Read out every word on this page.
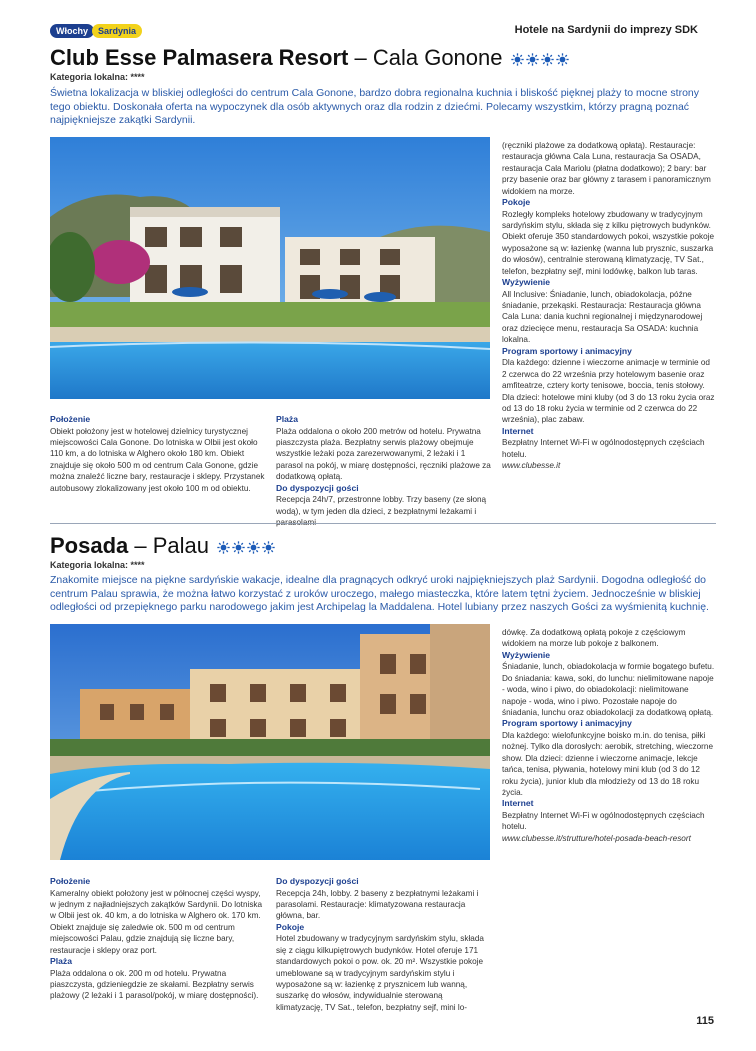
Włochy	Sardynia	Hotele na Sardynii do imprezy SDK
Club Esse Palmasera Resort – Cala Gonone
Kategoria lokalna: ****
Świetna lokalizacja w bliskiej odległości do centrum Cala Gonone, bardzo dobra regionalna kuchnia i bliskość pięknej plaży to mocne strony tego obiektu. Doskonała oferta na wypoczynek dla osób aktywnych oraz dla rodzin z dziećmi. Polecamy wszystkim, którzy pragną poznać najpiękniejsze zakątki Sardynii.
Położenie

Obiekt położony jest w hotelowej dzielnicy turystycznej miejscowości Cala Gonone. Do lotniska w Olbii jest około 110 km, a do lotniska w Alghero około 180 km. Obiekt znajduje się około 500 m od centrum Cala Gonone, gdzie można znaleźć liczne bary, restauracje i sklepy. Przystanek autobusowy zlokalizowany jest około 100 m od obiektu.

Plaża

Plaża oddalona o około 200 metrów od hotelu. Prywatna piaszczysta plaża. Bezpłatny serwis plażowy obejmuje wszystkie leżaki poza zarezerwowanymi, 2 leżaki i 1 parasol na pokój, w miarę dostępności, ręczniki plażowe za dodatkową opłatą.

Do dyspozycji gości

Recepcja 24h/7, przestronne lobby. Trzy baseny (ze słoną wodą), w tym jeden dla dzieci, z bezpłatnymi leżakami i

(ręczniki plażowe za dodatkową opłatą). Restauracje: restauracja główna Cala Luna, restauracja Sa OSADA, restauracja Cala Mariolu (płatna dodatkowo); 2 bary: bar przy basenie oraz bar główny z tarasem i panoramicznym widokiem na morze.

Pokoje

Rozległy kompleks hotelowy zbudowany w tradycyjnym sardyńskim stylu, składa się z kilku piętrowych budynków. Obiekt oferuje 350 standardowych pokoi, wszystkie pokoje wyposażone są w: łazienkę (wanna lub prysznic, suszarka do włosów), centralnie sterowaną klimatyzację, TV Sat., telefon, bezpłatny sejf, mini lodówkę, balkon lub taras.

Wyżywienie

All Inclusive: Śniadanie, lunch, obiadokolacja, późne śniadanie, przekąski. Restauracja: Restauracja główna Cala Luna: dania kuchni regionalnej i międzynarodowej oraz dziecięce menu, restauracja Sa OSADA: kuchnia lokalna.

Program sportowy i animacyjny

Dla każdego: dzienne i wieczorne animacje w terminie od 2 czerwca do 22 września przy hotelowym basenie oraz amfiteatrze, cztery korty tenisowe, boccia, tenis stołowy. Dla dzieci: hotelowe mini kluby (od 3 do 13 roku życia oraz od 13 do 18 roku życia w terminie od 2 czerwca do 22 września), plac zabaw.

Internet

Bezpłatny Internet Wi-Fi w ogólnodostępnych częściach hotelu.

www.clubesse.it

Posada – Palau
Kategoria lokalna: ****
Znakomite miejsce na piękne sardyńskie wakacje, idealne dla pragnących odkryć uroki najpiękniejszych plaż Sardynii. Dogodna odległość do centrum Palau sprawia, że można łatwo korzystać z uroków uroczego, małego miasteczka, które latem tętni życiem. Jednocześnie w bliskiej odległości od przepięknego parku narodowego jakim jest Archipelag la Maddalena. Hotel lubiany przez naszych Gości za wyśmienitą kuchnię.
Położenie

Kameralny obiekt położony jest w północnej części wyspy, w jednym z najładniejszych zakątków Sardynii. Do lotniska w Olbii jest ok. 40 km, a do lotniska w Alghero ok. 170 km. Obiekt znajduje się zaledwie ok. 500 m od centrum miejscowości Palau, gdzie znajdują się liczne bary, restauracje i sklepy oraz port.

Plaża

Plaża oddalona o ok. 200 m od hotelu. Prywatna piaszczysta, gdzieniegdzie ze skałami. Bezpłatny serwis plażowy (2 leżaki i 1 parasol/pokój, w miarę dostępności).

Do dyspozycji gości

Recepcja 24h, lobby. 2 baseny z bezpłatnymi leżakami i parasolami. Restauracje: klimatyzowana restauracja główna, bar.

Pokoje

Hotel zbudowany w tradycyjnym sardyńskim stylu, składa się z ciągu kilkupiętrowych budynków. Hotel oferuje 171 standardowych pokoi o pow. ok. 20 m². Wszystkie pokoje umeblowane są w tradycyjnym sardyńskim stylu i wyposażone są w: łazienkę z prysznicem lub wanną, suszarkę do włosów, indywidualnie sterowaną klimatyzację, TV Sat., telefon, bezpłatny sejf, mini lo-

dówkę. Za dodatkową opłatą pokoje z częściowym widokiem na morze lub pokoje z balkonem.

Wyżywienie

Śniadanie, lunch, obiadokolacja w formie bogatego bufetu. Do śniadania: kawa, soki, do lunchu: nielimitowane napoje - woda, wino i piwo, do obiadokolacji: nielimitowane napoje - woda, wino i piwo. Pozostałe napoje do śniadania, lunchu oraz obiadokolacji za dodatkową opłatą.

Program sportowy i animacyjny

Dla każdego: wielofunkcyjne boisko m.in. do tenisa, piłki nożnej. Tylko dla dorosłych: aerobik, stretching, wieczorne show. Dla dzieci: dzienne i wieczorne animacje, lekcje tańca, tenisa, pływania, hotelowy mini klub (od 3 do 12 roku życia), junior klub dla młodzieży od 13 do 18 roku życia.

Internet

Bezpłatny Internet Wi-Fi w ogólnodostępnych częściach hotelu.

www.clubesse.it/strutture/hotel-posada-beach-resort

115
